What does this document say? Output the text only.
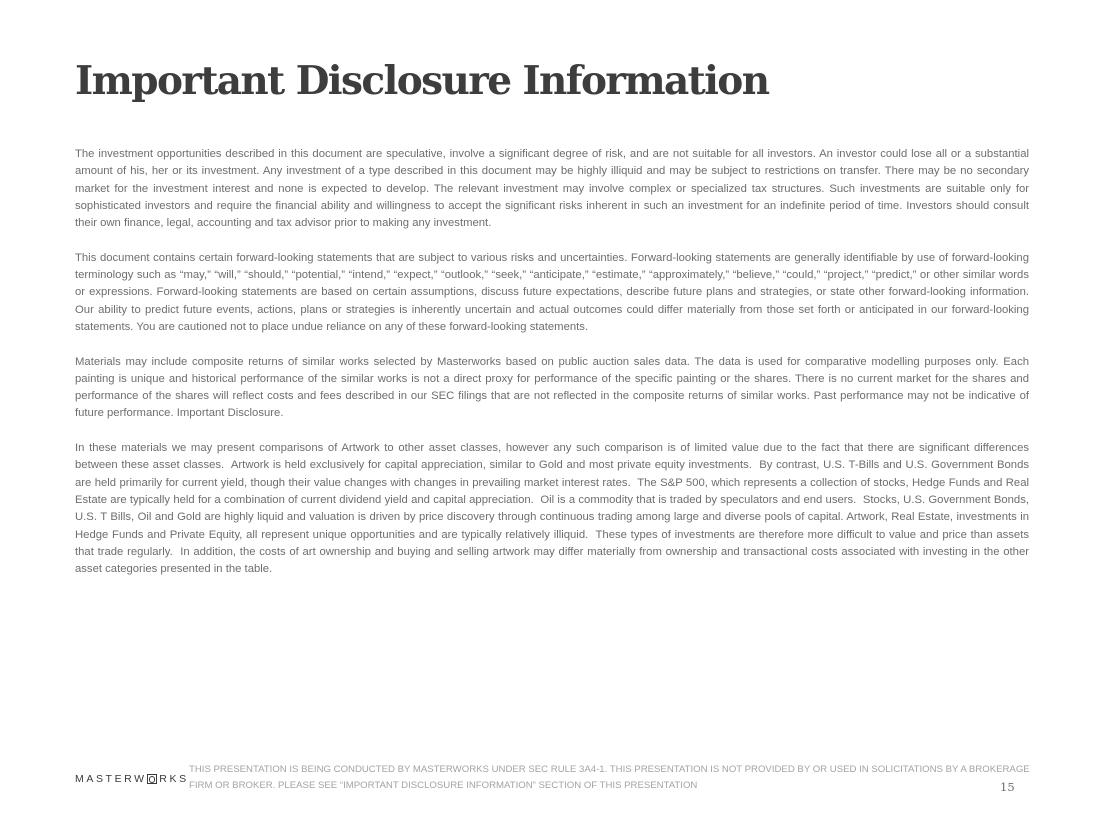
Important Disclosure Information

The investment opportunities described in this document are speculative, involve a significant degree of risk, and are not suitable for all investors. An investor could lose all or a substantial amount of his, her or its investment. Any investment of a type described in this document may be highly illiquid and may be subject to restrictions on transfer. There may be no secondary market for the investment interest and none is expected to develop. The relevant investment may involve complex or specialized tax structures. Such investments are suitable only for sophisticated investors and require the financial ability and willingness to accept the significant risks inherent in such an investment for an indefinite period of time. Investors should consult their own finance, legal, accounting and tax advisor prior to making any investment.

This document contains certain forward-looking statements that are subject to various risks and uncertainties. Forward-looking statements are generally identifiable by use of forward-looking terminology such as “may,” “will,” “should,” “potential,” “intend,” “expect,” “outlook,” “seek,” “anticipate,” “estimate,” “approximately,” “believe,” “could,” “project,” “predict,” or other similar words or expressions. Forward-looking statements are based on certain assumptions, discuss future expectations, describe future plans and strategies, or state other forward-looking information. Our ability to predict future events, actions, plans or strategies is inherently uncertain and actual outcomes could differ materially from those set forth or anticipated in our forward-looking statements. You are cautioned not to place undue reliance on any of these forward-looking statements.

Materials may include composite returns of similar works selected by Masterworks based on public auction sales data. The data is used for comparative modelling purposes only. Each painting is unique and historical performance of the similar works is not a direct proxy for performance of the specific painting or the shares. There is no current market for the shares and performance of the shares will reflect costs and fees described in our SEC filings that are not reflected in the composite returns of similar works. Past performance may not be indicative of future performance. Important Disclosure.

In these materials we may present comparisons of Artwork to other asset classes, however any such comparison is of limited value due to the fact that there are significant differences between these asset classes.  Artwork is held exclusively for capital appreciation, similar to Gold and most private equity investments.  By contrast, U.S. T-Bills and U.S. Government Bonds are held primarily for current yield, though their value changes with changes in prevailing market interest rates.  The S&P 500, which represents a collection of stocks, Hedge Funds and Real Estate are typically held for a combination of current dividend yield and capital appreciation.  Oil is a commodity that is traded by speculators and end users.  Stocks, U.S. Government Bonds, U.S. T Bills, Oil and Gold are highly liquid and valuation is driven by price discovery through continuous trading among large and diverse pools of capital. Artwork, Real Estate, investments in Hedge Funds and Private Equity, all represent unique opportunities and are typically relatively illiquid.  These types of investments are therefore more difficult to value and price than assets that trade regularly.  In addition, the costs of art ownership and buying and selling artwork may differ materially from ownership and transactional costs associated with investing in the other asset categories presented in the table.

MASTERW RKS
THIS PRESENTATION IS BEING CONDUCTED BY MASTERWORKS UNDER SEC RULE 3A4-1. THIS PRESENTATION IS NOT PROVIDED BY OR USED IN SOLICITATIONS BY A BROKERAGE
FIRM OR BROKER. PLEASE SEE “IMPORTANT DISCLOSURE INFORMATION” SECTION OF THIS PRESENTATION	15
